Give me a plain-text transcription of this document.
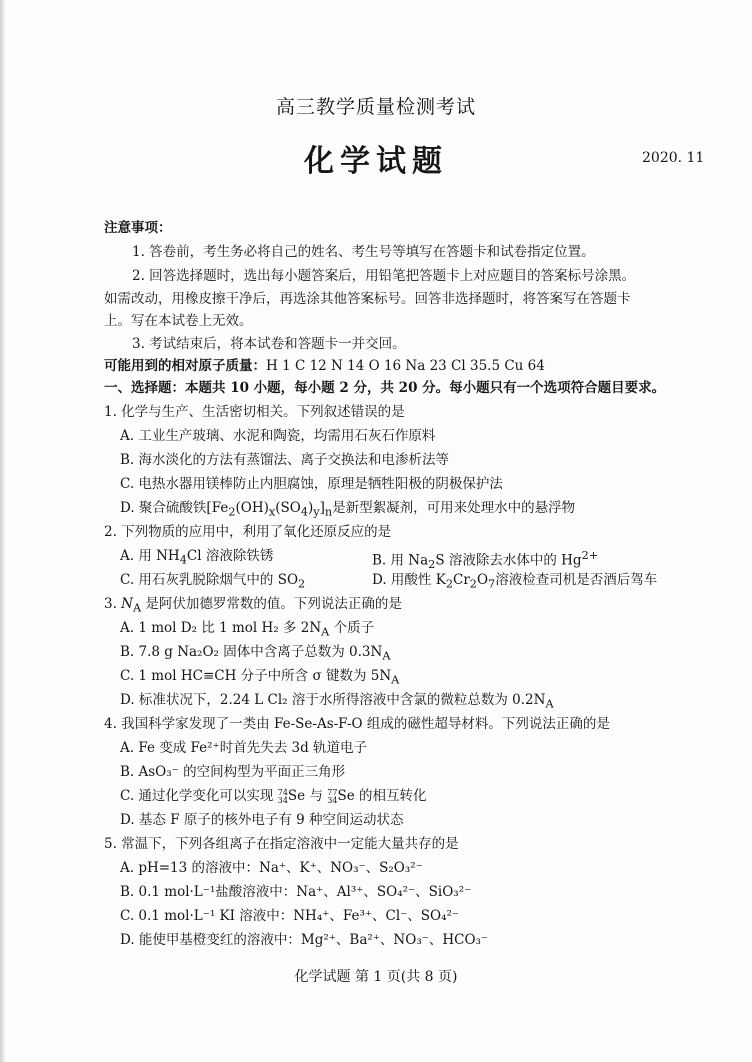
高三教学质量检测考试
化学试题	2020. 11
注意事项：
1. 答卷前，考生务必将自己的姓名、考生号等填写在答题卡和试卷指定位置。
2. 回答选择题时，选出每小题答案后，用铅笔把答题卡上对应题目的答案标号涂黑。
如需改动，用橡皮擦干净后，再选涂其他答案标号。回答非选择题时，将答案写在答题卡
上。写在本试卷上无效。
3. 考试结束后，将本试卷和答题卡一并交回。
可能用到的相对原子质量：H 1 C 12 N 14 O 16 Na 23 Cl 35.5 Cu 64
一、选择题：本题共 10 小题，每小题 2 分，共 20 分。每小题只有一个选项符合题目要求。
1. 化学与生产、生活密切相关。下列叙述错误的是
A. 工业生产玻璃、水泥和陶瓷，均需用石灰石作原料
B. 海水淡化的方法有蒸馏法、离子交换法和电渗析法等
C. 电热水器用镁棒防止内胆腐蚀，原理是牺牲阳极的阴极保护法
D. 聚合硫酸铁$[Fe_2(OH)_x(SO_4)_y]_n$是新型絮凝剂，可用来处理水中的悬浮物
2. 下列物质的应用中，利用了氧化还原反应的是
A. 用 $NH_4Cl$ 溶液除铁锈	B. 用 $Na_2S$ 溶液除去水体中的 $Hg^{2+}$
C. 用石灰乳脱除烟气中的 $SO_2$	D. 用酸性 $K_2Cr_2O_7$溶液检查司机是否酒后驾车
3. $N_A$ 是阿伏加德罗常数的值。下列说法正确的是
A. 1 mol D₂ 比 1 mol H₂ 多 $2N_A$ 个质子
B. 7.8 g Na₂O₂ 固体中含离子总数为 $0.3N_A$
C. 1 mol HC≡CH 分子中所含 σ 键数为 $5N_A$
D. 标准状况下，2.24 L Cl₂ 溶于水所得溶液中含氯的微粒总数为 $0.2N_A$
4. 我国科学家发现了一类由 Fe-Se-As-F-O 组成的磁性超导材料。下列说法正确的是
A. Fe 变成 Fe²⁺时首先失去 3d 轨道电子
B. AsO₃⁻ 的空间构型为平面正三角形
C. 通过化学变化可以实现 74
34Se 与 77
34Se 的相互转化
D. 基态 F 原子的核外电子有 9 种空间运动状态
5. 常温下，下列各组离子在指定溶液中一定能大量共存的是
A. pH=13 的溶液中：Na⁺、K⁺、NO₃⁻、S₂O₃²⁻
B. 0.1 mol·L⁻¹盐酸溶液中：Na⁺、Al³⁺、SO₄²⁻、SiO₃²⁻
C. 0.1 mol·L⁻¹ KI 溶液中：NH₄⁺、Fe³⁺、Cl⁻、SO₄²⁻
D. 能使甲基橙变红的溶液中：Mg²⁺、Ba²⁺、NO₃⁻、HCO₃⁻
化学试题 第 1 页(共 8 页)
